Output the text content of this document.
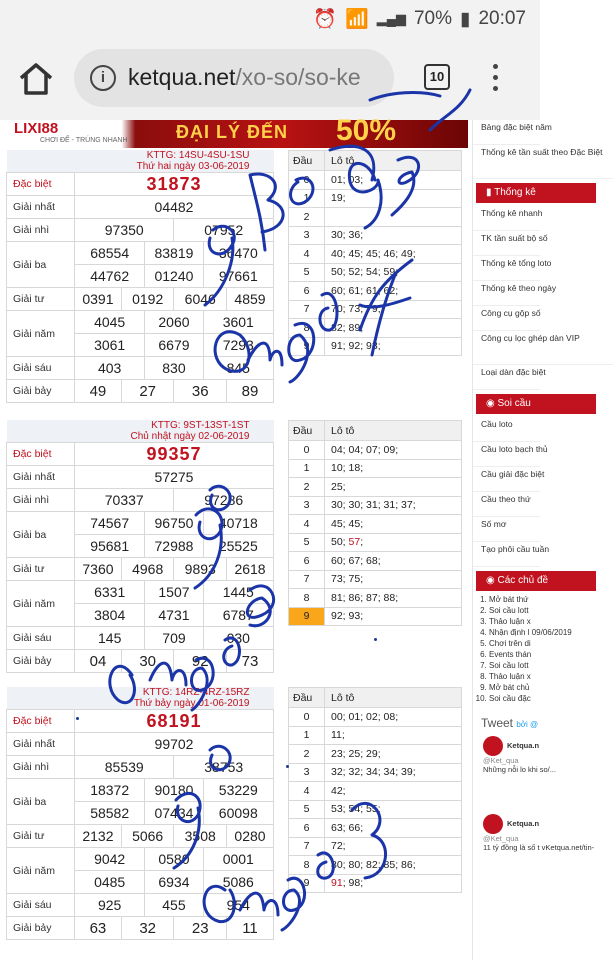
⏰ 📶 ▂▄▆ 70% ▮ 20:07
i ketqua.net/xo-so/so-ke	10
LIXI88
CHƠI ĐỂ - TRÚNG NHANH	ĐẠI LÝ ĐẾN 50%
KTTG: 14SU-4SU-1SU
Thứ hai ngày 03-06-2019						

Đặc biệt	31873					
Giải nhất	04482					
Giải nhì	97350			07952		
Giải ba	68554		83819		36470	
	44762		01240		97661	
Giải tư	0391	0192		6046		4859
Giải năm	4045		2060		3601	
	3061		6679		7293	
Giải sáu	403		830		845	
Giải bảy	49	27		36		89
Đầu	Lô tô
0	01; 03;
1	19;
2	
3	30; 36;
4	40; 45; 45; 46; 49;
5	50; 52; 54; 59;
6	60; 61; 61; 62;
7	70; 73; 79;
8	82; 89;
9	91; 92; 93;
KTTG: 9ST-13ST-1ST
Chủ nhật ngày 02-06-2019						

Đặc biệt	99357					
Giải nhất	57275					
Giải nhì	70337			97286		
Giải ba	74567		96750		40718	
	95681		72988		25525	
Giải tư	7360	4968		9893		2618
Giải năm	6331		1507		1445	
	3804		4731		6787	
Giải sáu	145		709		030	
Giải bảy	04	30		92		73
Đầu	Lô tô
0	04; 04; 07; 09;
1	10; 18;
2	25;
3	30; 30; 31; 31; 37;
4	45; 45;
5	50; 57;
6	60; 67; 68;
7	73; 75;
8	81; 86; 87; 88;
9	92; 93;
KTTG: 14RZ-4RZ-15RZ
Thứ bảy ngày 01-06-2019						

Đặc biệt	68191					
Giải nhất	99702					
Giải nhì	85539			38753		
Giải ba	18372		90180		53229	
	58582		07434		60098	
Giải tư	2132	5066		3508		0280
Giải năm	9042		0580		0001	
	0485		6934		5086	
Giải sáu	925		455		954	
Giải bảy	63	32		23		11
Đầu	Lô tô
0	00; 01; 02; 08;
1	11;
2	23; 25; 29;
3	32; 32; 34; 34; 39;
4	42;
5	53; 54; 55;
6	63; 66;
7	72;
8	80; 80; 82; 85; 86;
9	91; 98;
Bảng đặc biệt năm
Thống kê tần suất theo Đặc Biệt
▮ Thống kê
Thống kê nhanh
TK tần suất bộ số
Thống kê tổng loto
Thống kê theo ngày
Công cụ gộp số
Công cụ lọc ghép dàn VIP
Loại dàn đặc biệt
◉ Soi cầu
Cầu loto
Cầu loto bạch thủ
Cầu giải đặc biệt
Cầu theo thứ
Số mơ
Tạo phôi cầu tuần
◉ Các chủ đề
1. Mở bát thứ
2. Soi cầu lott
3. Thảo luận x
4. Nhận định l 09/06/2019
5. Chơi trên di
6. Events thán
7. Soi cầu lott
8. Thảo luận x
9. Mở bát chủ
10. Soi cầu đặc
Tweet bởi @
Ketqua.n
@Ket_qua
Những nỗi lo khi so/...
Ketqua.n
@Ket_qua
11 tỷ đồng là số t vKetqua.net/tin-
